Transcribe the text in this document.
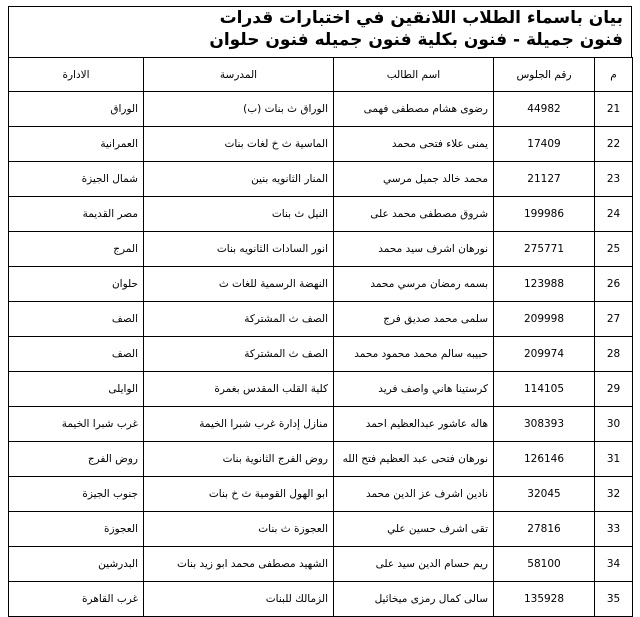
بيان باسماء الطلاب اللانقين في اختبارات قدرات
فنون جميلة - فنون بكلية فنون جميله فنون حلوان
م	رقم الجلوس	اسم الطالب	المدرسة	الادارة
21	44982	رضوى هشام مصطفى فهمى	الوراق ث بنات (ب)	الوراق
22	17409	يمنى علاء فتحى محمد	الماسية ث خ لغات بنات	العمرانية
23	21127	محمد خالد جميل مرسي	المنار الثانويه بنين	شمال الجيزة
24	199986	شروق مصطفى محمد على	النيل ث بنات	مصر القديمة
25	275771	نورهان اشرف سيد محمد	انور السادات الثانويه بنات	المرج
26	123988	بسمه رمضان مرسي محمد	النهضة الرسمية للغات ث	حلوان
27	209998	سلمى محمد صديق فرج	الصف ث المشتركة	الصف
28	209974	حبيبه سالم محمد محمود محمد	الصف ث المشتركة	الصف
29	114105	كرستينا هاني واصف فريد	كلية القلب المقدس بغمرة	الوايلى
30	308393	هاله عاشور عبدالعظيم احمد	منازل إدارة غرب شبرا الخيمة	غرب شبرا الخيمة
31	126146	نورهان فتحى عبد العظيم فتح الله	روض الفرج الثانوية بنات	روض الفرج
32	32045	نادين اشرف عز الدين محمد	ابو الهول القومية ث خ بنات	جنوب الجيزة
33	27816	تقى اشرف حسين علي	العجوزة ث بنات	العجوزة
34	58100	ريم حسام الدين سيد على	الشهيد مصطفى محمد ابو زيد بنات	البدرشين
35	135928	سالى كمال رمزى ميخائيل	الزمالك للبنات	غرب القاهرة
